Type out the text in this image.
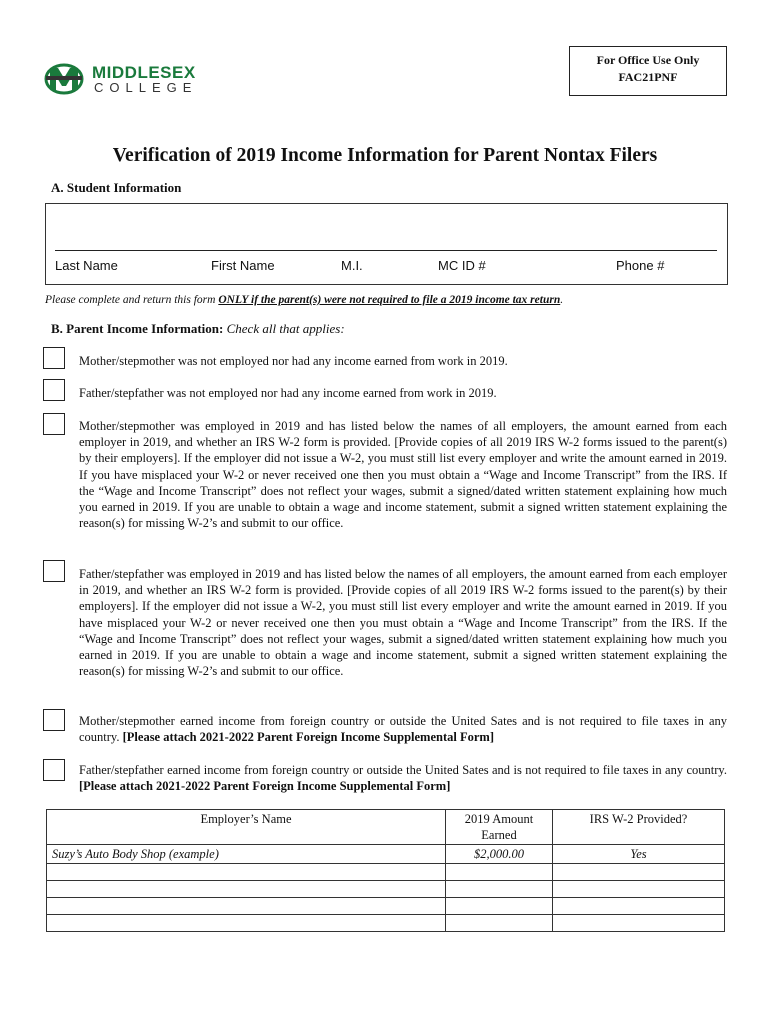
For Office Use Only
FAC21PNF
MIDDLESEX
COLLEGE
Verification of 2019 Income Information for Parent Nontax Filers
A. Student Information
Last Name	First Name	M.I.	MC ID #	Phone #
Please complete and return this form ONLY if the parent(s) were not required to file a 2019 income tax return.
B. Parent Income Information: Check all that applies:
Mother/stepmother was not employed nor had any income earned from work in 2019.
Father/stepfather was not employed nor had any income earned from work in 2019.
Mother/stepmother was employed in 2019 and has listed below the names of all employers, the amount earned from each employer in 2019, and whether an IRS W-2 form is provided. [Provide copies of all 2019 IRS W-2 forms issued to the parent(s) by their employers]. If the employer did not issue a W-2, you must still list every employer and write the amount earned in 2019. If you have misplaced your W-2 or never received one then you must obtain a “Wage and Income Transcript” from the IRS. If the “Wage and Income Transcript” does not reflect your wages, submit a signed/dated written statement explaining how much you earned in 2019. If you are unable to obtain a wage and income statement, submit a signed written statement explaining the reason(s) for missing W-2’s and submit to our office.
Father/stepfather was employed in 2019 and has listed below the names of all employers, the amount earned from each employer in 2019, and whether an IRS W-2 form is provided. [Provide copies of all 2019 IRS W-2 forms issued to the parent(s) by their employers]. If the employer did not issue a W-2, you must still list every employer and write the amount earned in 2019. If you have misplaced your W-2 or never received one then you must obtain a “Wage and Income Transcript” from the IRS. If the “Wage and Income Transcript” does not reflect your wages, submit a signed/dated written statement explaining how much you earned in 2019. If you are unable to obtain a wage and income statement, submit a signed written statement explaining the reason(s) for missing W-2’s and submit to our office.
Mother/stepmother earned income from foreign country or outside the United Sates and is not required to file taxes in any country. [Please attach 2021-2022 Parent Foreign Income Supplemental Form]
Father/stepfather earned income from foreign country or outside the United Sates and is not required to file taxes in any country. [Please attach 2021-2022 Parent Foreign Income Supplemental Form]
Employer’s Name	2019 Amount Earned	IRS W-2 Provided?
Suzy’s Auto Body Shop (example)	$2,000.00	Yes
